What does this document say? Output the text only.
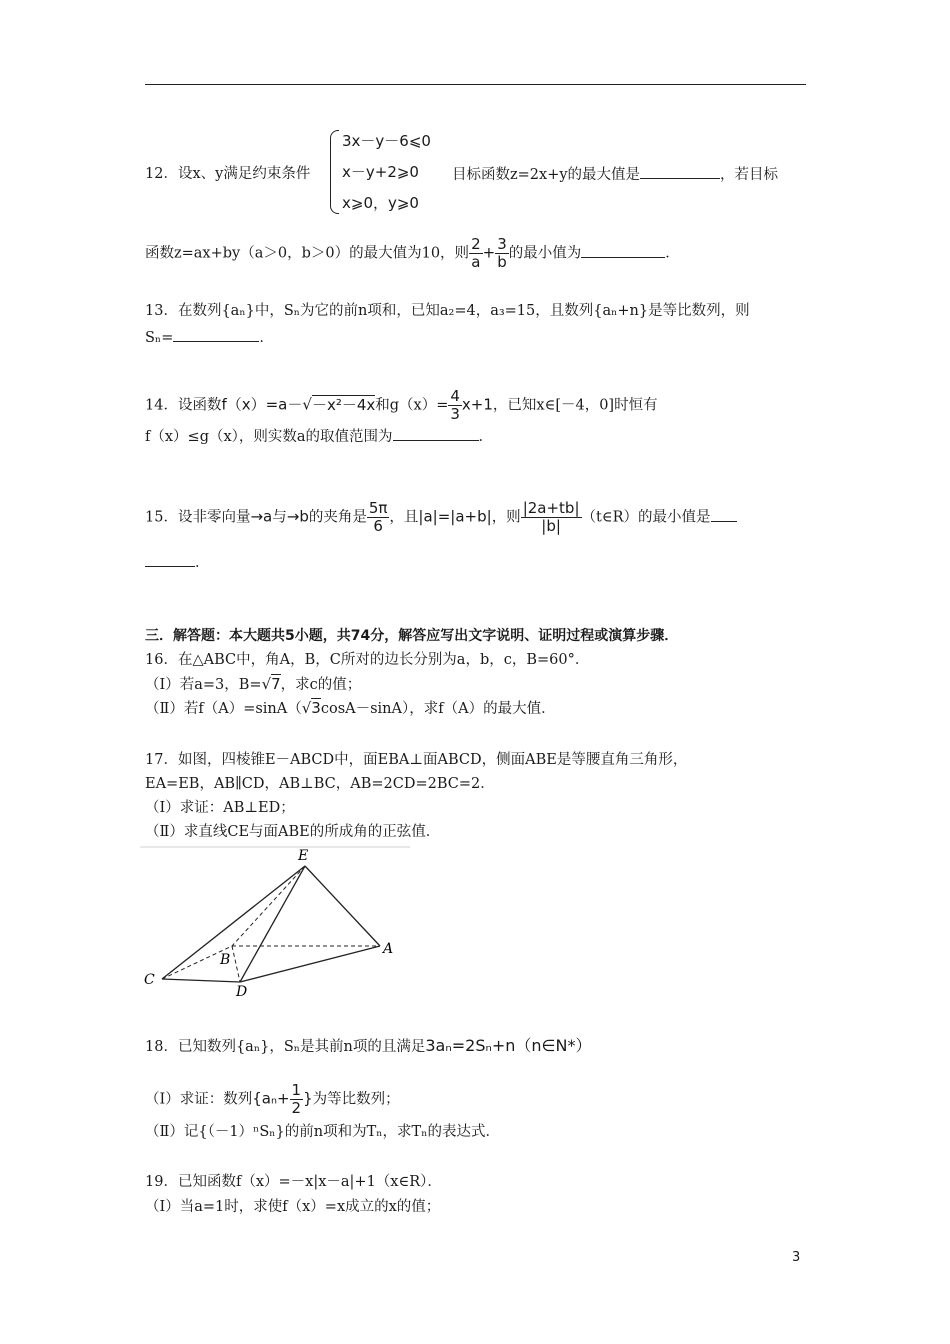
12．设x、y满足约束条件
3x－y－6⩽0
x－y+2⩾0
x⩾0，y⩾0
目标函数z=2x+y的最大值是	，若目标
函数z=ax+by（a＞0，b＞0）的最大值为10，则 $\frac{2}{a} + \frac{3}{b}$ 的最小值为	．
13．在数列{aₙ}中，Sₙ为它的前n项和，已知a₂=4，a₃=15，且数列{aₙ+n}是等比数列，则
Sₙ=	．
14．设函数f（x）=a－√－x²－4x和$g(x)= \frac{4}{3} x+1$，已知x∈[－4，0]时恒有
f（x）≤g（x），则实数a的取值范围为	．
15．设非零向量→a与→b的夹角是 $\frac{5\pi}{6}$ ，且|a|=|a+b|，则 $\frac{|2a+tb|}{|b|}$ （t∈R）的最小值是
．
三．解答题：本大题共5小题，共74分，解答应写出文字说明、证明过程或演算步骤．
16．在△ABC中，角A，B，C所对的边长分别为a，b，c，B=60°．
（Ⅰ）若a=3，B=√7，求c的值；
（Ⅱ）若f（A）=sinA（√3cosA－sinA），求f（A）的最大值．
17．如图，四棱锥E－ABCD中，面EBA⊥面ABCD，侧面ABE是等腰直角三角形，
EA=EB，AB∥CD，AB⊥BC，AB=2CD=2BC=2．
（Ⅰ）求证：AB⊥ED；
（Ⅱ）求直线CE与面ABE的所成角的正弦值．
E
A
B
C
D
18．已知数列{aₙ}，Sₙ是其前n项的且满足3aₙ=2Sₙ+n（n∈N*）
（Ⅰ）求证：数列{$a_n+ \frac{1}{2}$ }为等比数列；
（Ⅱ）记{（－1）ⁿSₙ}的前n项和为Tₙ，求Tₙ的表达式．
19．已知函数f（x）=－x|x－a|+1（x∈R）．
（Ⅰ）当a=1时，求使f（x）=x成立的x的值；
3
